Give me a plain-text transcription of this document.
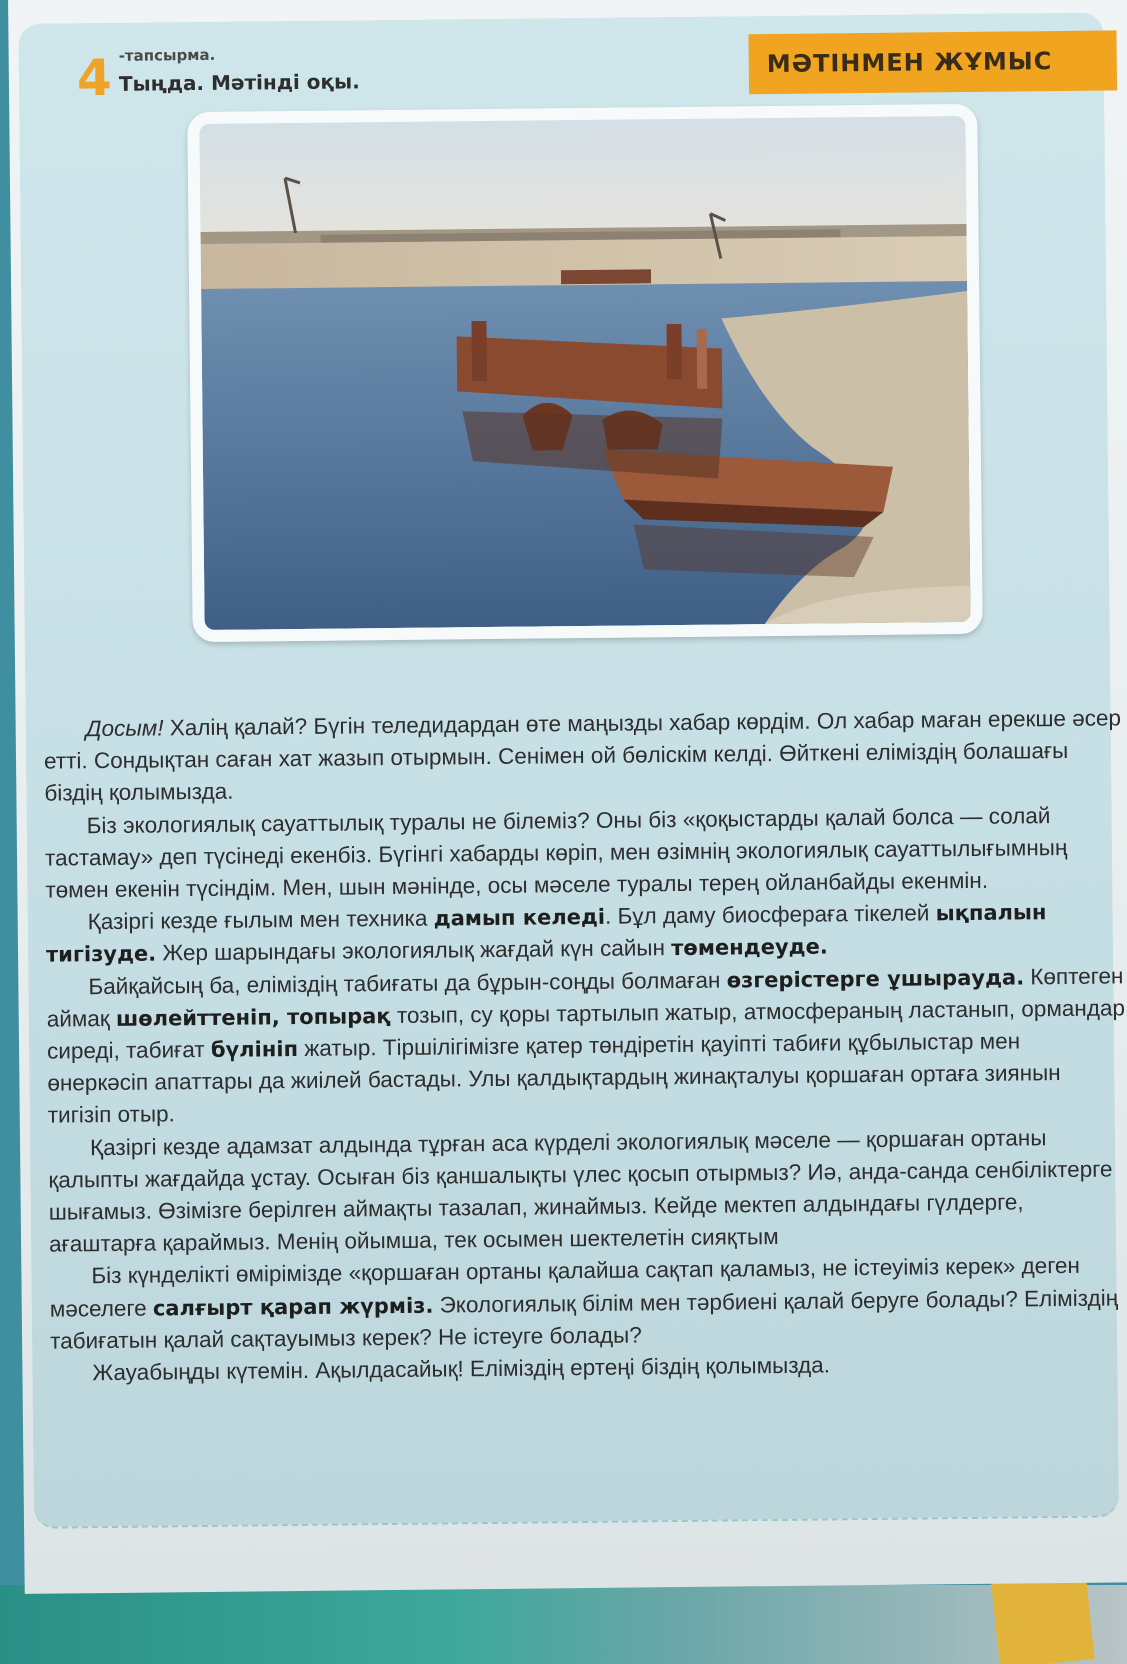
4 -тапсырма.
Тыңда. Мәтінді оқы.
МӘТІНМЕН ЖҰМЫС

Досым! Халің қалай? Бүгін теледидардан өте маңызды хабар көрдім. Ол хабар маған ерекше әсер етті. Сондықтан саған хат жазып отырмын. Сенімен ой бөліскім келді. Өйткені еліміздің болашағы біздің қолымызда.

Біз экологиялық сауаттылық туралы не білеміз? Оны біз «қоқыстарды қалай болса — солай тастамау» деп түсінеді екенбіз. Бүгінгі хабарды көріп, мен өзімнің экологиялық сауаттылығымның төмен екенін түсіндім. Мен, шын мәнінде, осы мәселе туралы терең ойланбайды екенмін.

Қазіргі кезде ғылым мен техника дамып келеді. Бұл даму биосфераға тікелей ықпалын тигізуде. Жер шарындағы экологиялық жағдай күн сайын төмендеуде.

Байқайсың ба, еліміздің табиғаты да бұрын-соңды болмаған өзгерістерге ұшырауда. Көптеген аймақ шөлейттеніп, топырақ тозып, су қоры тартылып жатыр, атмосфераның ластанып, ормандар сиреді, табиғат бүлініп жатыр. Тіршілігімізге қатер төндіретін қауіпті табиғи құбылыстар мен өнеркәсіп апаттары да жиілей бастады. Улы қалдықтардың жинақталуы қоршаған ортаға зиянын тигізіп отыр.

Қазіргі кезде адамзат алдында тұрған аса күрделі экологиялық мәселе — қоршаған ортаны қалыпты жағдайда ұстау. Осыған біз қаншалықты үлес қосып отырмыз? Иә, анда-санда сенбіліктерге шығамыз. Өзімізге берілген аймақты тазалап, жинаймыз. Кейде мектеп алдындағы гүлдерге, ағаштарға қараймыз. Менің ойымша, тек осымен шектелетін сияқтым

Біз күнделікті өмірімізде «қоршаған ортаны қалайша сақтап қаламыз, не істеуіміз керек» деген мәселеге салғырт қарап жүрміз. Экологиялық білім мен тәрбиені қалай беруге болады? Еліміздің табиғатын қалай сақтауымыз керек? Не істеуге болады?

Жауабыңды күтемін. Ақылдасайық! Еліміздің ертеңі біздің қолымызда.
